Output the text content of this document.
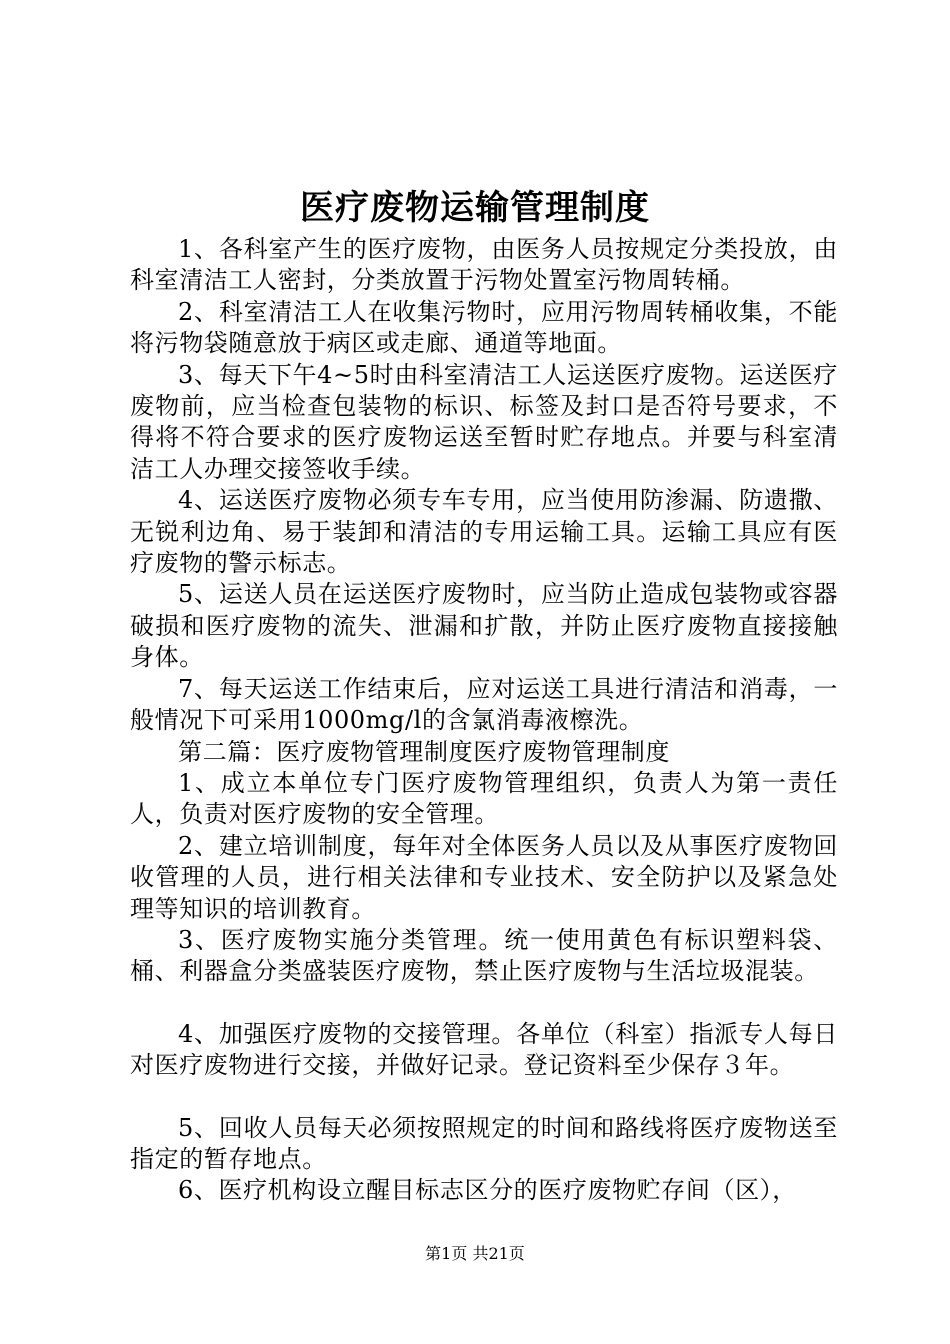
医疗废物运输管理制度

1、各科室产生的医疗废物，由医务人员按规定分类投放，由科室清洁工人密封，分类放置于污物处置室污物周转桶。

2、科室清洁工人在收集污物时，应用污物周转桶收集，不能将污物袋随意放于病区或走廊、通道等地面。

3、每天下午4~5时由科室清洁工人运送医疗废物。运送医疗废物前，应当检查包装物的标识、标签及封口是否符号要求，不得将不符合要求的医疗废物运送至暂时贮存地点。并要与科室清洁工人办理交接签收手续。

4、运送医疗废物必须专车专用，应当使用防渗漏、防遗撒、无锐利边角、易于装卸和清洁的专用运输工具。运输工具应有医疗废物的警示标志。

5、运送人员在运送医疗废物时，应当防止造成包装物或容器破损和医疗废物的流失、泄漏和扩散，并防止医疗废物直接接触身体。

7、每天运送工作结束后，应对运送工具进行清洁和消毒，一般情况下可采用1000mg/l的含氯消毒液檫洗。

第二篇：医疗废物管理制度医疗废物管理制度

1、成立本单位专门医疗废物管理组织，负责人为第一责任人，负责对医疗废物的安全管理。

2、建立培训制度，每年对全体医务人员以及从事医疗废物回收管理的人员，进行相关法律和专业技术、安全防护以及紧急处理等知识的培训教育。

3、医疗废物实施分类管理。统一使用黄色有标识塑料袋、桶、利器盒分类盛装医疗废物，禁止医疗废物与生活垃圾混装。

4、加强医疗废物的交接管理。各单位（科室）指派专人每日对医疗废物进行交接，并做好记录。登记资料至少保存３年。

5、回收人员每天必须按照规定的时间和路线将医疗废物送至指定的暂存地点。

6、医疗机构设立醒目标志区分的医疗废物贮存间（区），

第1页 共21页
